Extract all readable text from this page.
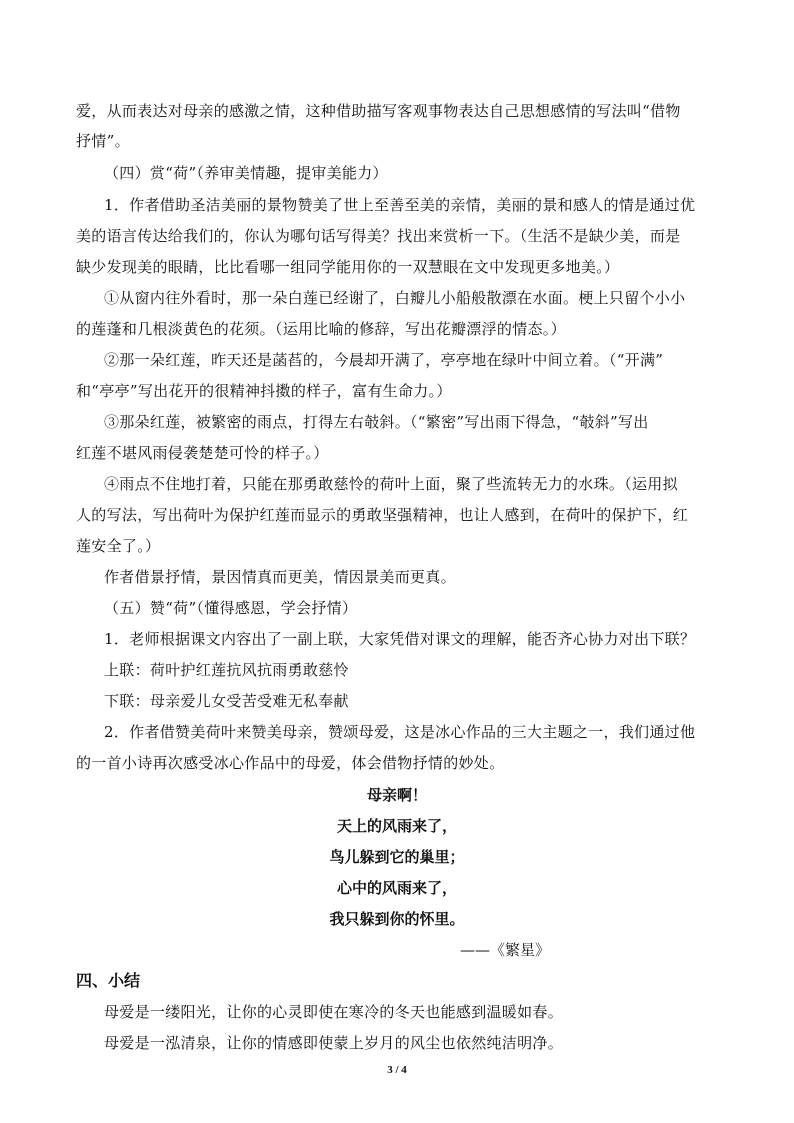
爱，从而表达对母亲的感激之情，这种借助描写客观事物表达自己思想感情的写法叫“借物
抒情”。
（四）赏“荷”（养审美情趣，提审美能力）
1．作者借助圣洁美丽的景物赞美了世上至善至美的亲情，美丽的景和感人的情是通过优
美的语言传达给我们的，你认为哪句话写得美？找出来赏析一下。（生活不是缺少美，而是
缺少发现美的眼睛，比比看哪一组同学能用你的一双慧眼在文中发现更多地美。）
①从窗内往外看时，那一朵白莲已经谢了，白瓣儿小船般散漂在水面。梗上只留个小小
的莲蓬和几根淡黄色的花须。（运用比喻的修辞，写出花瓣漂浮的情态。）
②那一朵红莲，昨天还是菡萏的，今晨却开满了，亭亭地在绿叶中间立着。（“开满”
和“亭亭”写出花开的很精神抖擞的样子，富有生命力。）
③那朵红莲，被繁密的雨点，打得左右攲斜。（“繁密”写出雨下得急，“攲斜”写出
红莲不堪风雨侵袭楚楚可怜的样子。）
④雨点不住地打着，只能在那勇敢慈怜的荷叶上面，聚了些流转无力的水珠。（运用拟
人的写法，写出荷叶为保护红莲而显示的勇敢坚强精神，也让人感到，在荷叶的保护下，红
莲安全了。）
作者借景抒情，景因情真而更美，情因景美而更真。
（五）赞“荷”（懂得感恩，学会抒情）
1．老师根据课文内容出了一副上联，大家凭借对课文的理解，能否齐心协力对出下联？
上联：荷叶护红莲抗风抗雨勇敢慈怜
下联：母亲爱儿女受苦受难无私奉献
2．作者借赞美荷叶来赞美母亲，赞颂母爱，这是冰心作品的三大主题之一，我们通过他
的一首小诗再次感受冰心作品中的母爱，体会借物抒情的妙处。
母亲啊！
天上的风雨来了，
鸟儿躲到它的巢里；
心中的风雨来了，
我只躲到你的怀里。
——《繁星》
四、小结
母爱是一缕阳光，让你的心灵即使在寒冷的冬天也能感到温暖如春。
母爱是一泓清泉，让你的情感即使蒙上岁月的风尘也依然纯洁明净。
3 / 4
